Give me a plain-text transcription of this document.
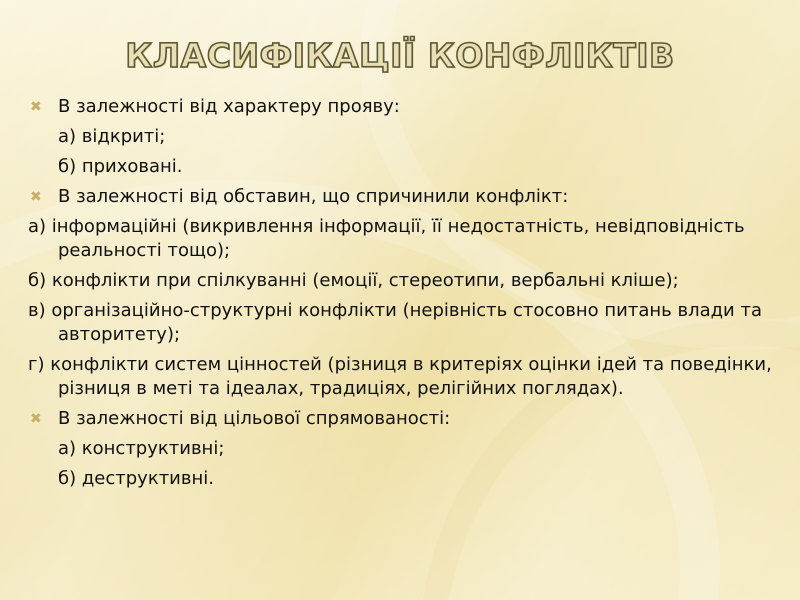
КЛАСИФІКАЦІЇ КОНФЛІКТІВ
✖ В залежності від характеру прояву:
а) відкриті;
б) приховані.
✖ В залежності від обставин, що спричинили конфлікт:
а) інформаційні (викривлення інформації, її недостатність, невідповідність реальності тощо);
б) конфлікти при спілкуванні (емоції, стереотипи, вербальні кліше);
в) організаційно-структурні конфлікти (нерівність стосовно питань влади та авторитету);
г) конфлікти систем цінностей (різниця в критеріях оцінки ідей та поведінки, різниця в меті та ідеалах, традиціях, релігійних поглядах).
✖ В залежності від цільової спрямованості:
а) конструктивні;
б) деструктивні.
